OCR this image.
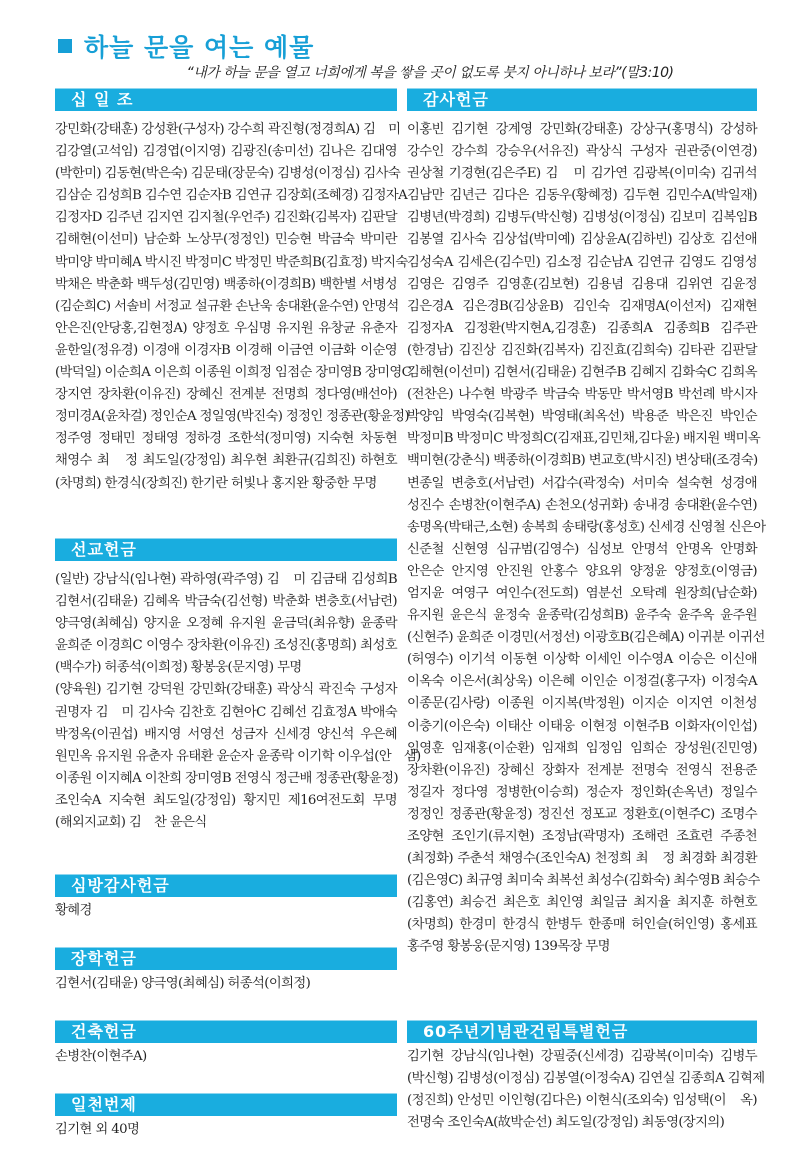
하늘 문을 여는 예물
“내가 하늘 문을 열고 너희에게 복을 쌓을 곳이 없도록 붓지 아니하나 보라”(말3:10)
십 일 조
강민화(강태훈) 강성환(구성자) 강수희 곽진형(정경희A) 김　미
김강열(고석임) 김경엽(이지영) 김광진(송미선) 김나은 김대영
(박한미) 김동현(박은숙) 김문태(장문숙) 김병성(이정심) 김사숙
김삼순 김성희B 김수연 김순자B 김연규 김장회(조혜경) 김정자A
김정자D 김주년 김지연 김지철(우언주) 김진화(김복자) 김판달
김해현(이선미) 남순화 노상무(정정인) 민승현 박금숙 박미란
박미양 박미혜A 박시진 박정미C 박정민 박준희B(김효정) 박지숙
박채은 박춘화 백두성(김민영) 백종하(이경희B) 백한별 서병성
(김순희C) 서솔비 서정교 설규환 손난욱 송대환(윤수연) 안명석
안은진(안당홍,김현정A) 양정호 우심명 유지원 유창균 유춘자
윤한일(정유경) 이경애 이경자B 이경해 이금연 이금화 이순영
(박덕일) 이순희A 이은희 이종원 이희정 임점순 장미영B 장미영C
장지연 장차환(이유진) 장혜신 전계분 전명희 정다영(배선아)
정미경A(윤차걸) 정인순A 정일영(박진숙) 정정인 정종관(황윤정)
정주영 정태민 정태영 정하경 조한석(정미영) 지숙현 차동현
채영수 최　정 최도일(강정임) 최우현 최환규(김희진) 하현호
(차명희) 한경식(장희진) 한기란 허빛나 홍지완 황중한 무명
선교헌금
(일반) 강남식(임나현) 곽하영(곽주영) 김　미 김금태 김성희B
김현서(김태윤) 김혜옥 박금숙(김선형) 박춘화 변충호(서남련)
양극영(최혜심) 양지윤 오정혜 유지원 윤금덕(최유향) 윤종락
윤희준 이경희C 이영수 장차환(이유진) 조성진(홍명희) 최성호
(백수가) 허종석(이희정) 황봉웅(문지영) 무명
(양육원) 김기현 강덕원 강민화(강태훈) 곽상식 곽진숙 구성자
권명자 김　미 김사숙 김찬호 김현아C 김혜선 김효정A 박애숙
박정옥(이권섭) 배지영 서영선 성금자 신세경 양신석 우은혜
원민옥 유지원 유춘자 유태환 윤순자 윤종락 이기학 이우섭(안　샘)
이종원 이지혜A 이찬희 장미영B 전영식 정근배 정종관(황윤정)
조인숙A 지숙현 최도일(강정임) 황지민 제16여전도회 무명
(해외지교회) 김　찬 윤은식
심방감사헌금
황혜경
장학헌금
김현서(김태윤) 양극영(최혜심) 허종석(이희정)
건축헌금
손병찬(이현주A)
일천번제
김기현 외 40명
감사헌금
이홍빈 김기현 강계영 강민화(강태훈) 강상구(홍명식) 강성하
강수인 강수희 강승우(서유진) 곽상식 구성자 권관중(이연경)
권상철 기경현(김은주E) 김　미 김가연 김광복(이미숙) 김귀석
김남만 김년근 김다은 김동우(황혜정) 김두현 김민수A(박일재)
김병년(박경희) 김병두(박신형) 김병성(이정심) 김보미 김복임B
김봉열 김사숙 김상섭(박미예) 김상윤A(김하빈) 김상호 김선애
김성숙A 김세은(김수민) 김소정 김순남A 김연규 김영도 김영성
김영은 김영주 김영훈(김보현) 김용념 김용대 김위연 김윤정
김은경A 김은경B(김상윤B) 김인숙 김재명A(이선저) 김재현
김정자A 김정환(박지현A,김경훈) 김종희A 김종희B 김주관
(한경남) 김진상 김진화(김복자) 김진효(김희숙) 김타관 김판달
김해현(이선미) 김현서(김태윤) 김현주B 김혜지 김화숙C 김희옥
(전찬은) 나수현 박광주 박금숙 박동만 박서영B 박선례 박시자
박양임 박영숙(김복현) 박영태(최옥선) 박용준 박은진 박인순
박정미B 박정미C 박정희C(김재표,김민채,김다윤) 배지원 백미옥
백미현(강춘식) 백종하(이경희B) 변교호(박시진) 변상태(조경숙)
변종일 변충호(서남련) 서갑수(곽정숙) 서미숙 설숙현 성경애
성진수 손병찬(이현주A) 손천오(성귀화) 송내경 송대환(윤수연)
송명옥(박태근,소현) 송복희 송태랑(홍성호) 신세경 신영철 신은아
신준철 신현영 심규범(김영수) 심성보 안명석 안명옥 안명화
안은순 안지영 안진원 안홍수 양요위 양정윤 양정호(이영금)
엄지윤 여영구 여인수(전도희) 염분선 오탁례 원장희(남순화)
유지원 윤은식 윤정숙 윤종락(김성희B) 윤주숙 윤주옥 윤주원
(신현주) 윤희준 이경민(서정선) 이광호B(김은혜A) 이귀분 이귀선
(허영수) 이기석 이동현 이상학 이세인 이수영A 이승은 이신애
이옥숙 이은서(최상욱) 이은혜 이인순 이정걸(홍구자) 이정숙A
이종문(김사랑) 이종원 이지복(박정원) 이지순 이지연 이천성
이충기(이은숙) 이태산 이태웅 이현정 이현주B 이화자(이인섭)
임영훈 임재홍(이순환) 임재희 임정임 임희순 장성원(진민영)
장차환(이유진) 장혜신 장화자 전계분 전명숙 전영식 전용준
정길자 정다영 정병한(이승희) 정순자 정인화(손옥년) 정일수
정정인 정종관(황윤정) 정진선 정포교 정환호(이현주C) 조명수
조양현 조인기(류지현) 조정남(곽명자) 조해련 조효련 주종천
(최정화) 주춘석 채영수(조인숙A) 천정희 최　정 최경화 최경환
(김은영C) 최규영 최미숙 최복선 최성수(김화숙) 최수영B 최승수
(김홍연) 최승건 최은호 최인영 최일금 최지율 최지훈 하현호
(차명희) 한경미 한경식 한병두 한종매 허인슬(허인영) 홍세표
홍주영 황봉웅(문지영) 139목장 무명
60주년기념관건립특별헌금
김기현 강남식(임나현) 강필중(신세경) 김광복(이미숙) 김병두
(박신형) 김병성(이정심) 김봉열(이정숙A) 김연실 김종희A 김혁제
(정진희) 안성민 이인형(김다은) 이현식(조외숙) 임성택(이　옥)
전명숙 조인숙A(故박순선) 최도일(강정임) 최동영(장지의)
